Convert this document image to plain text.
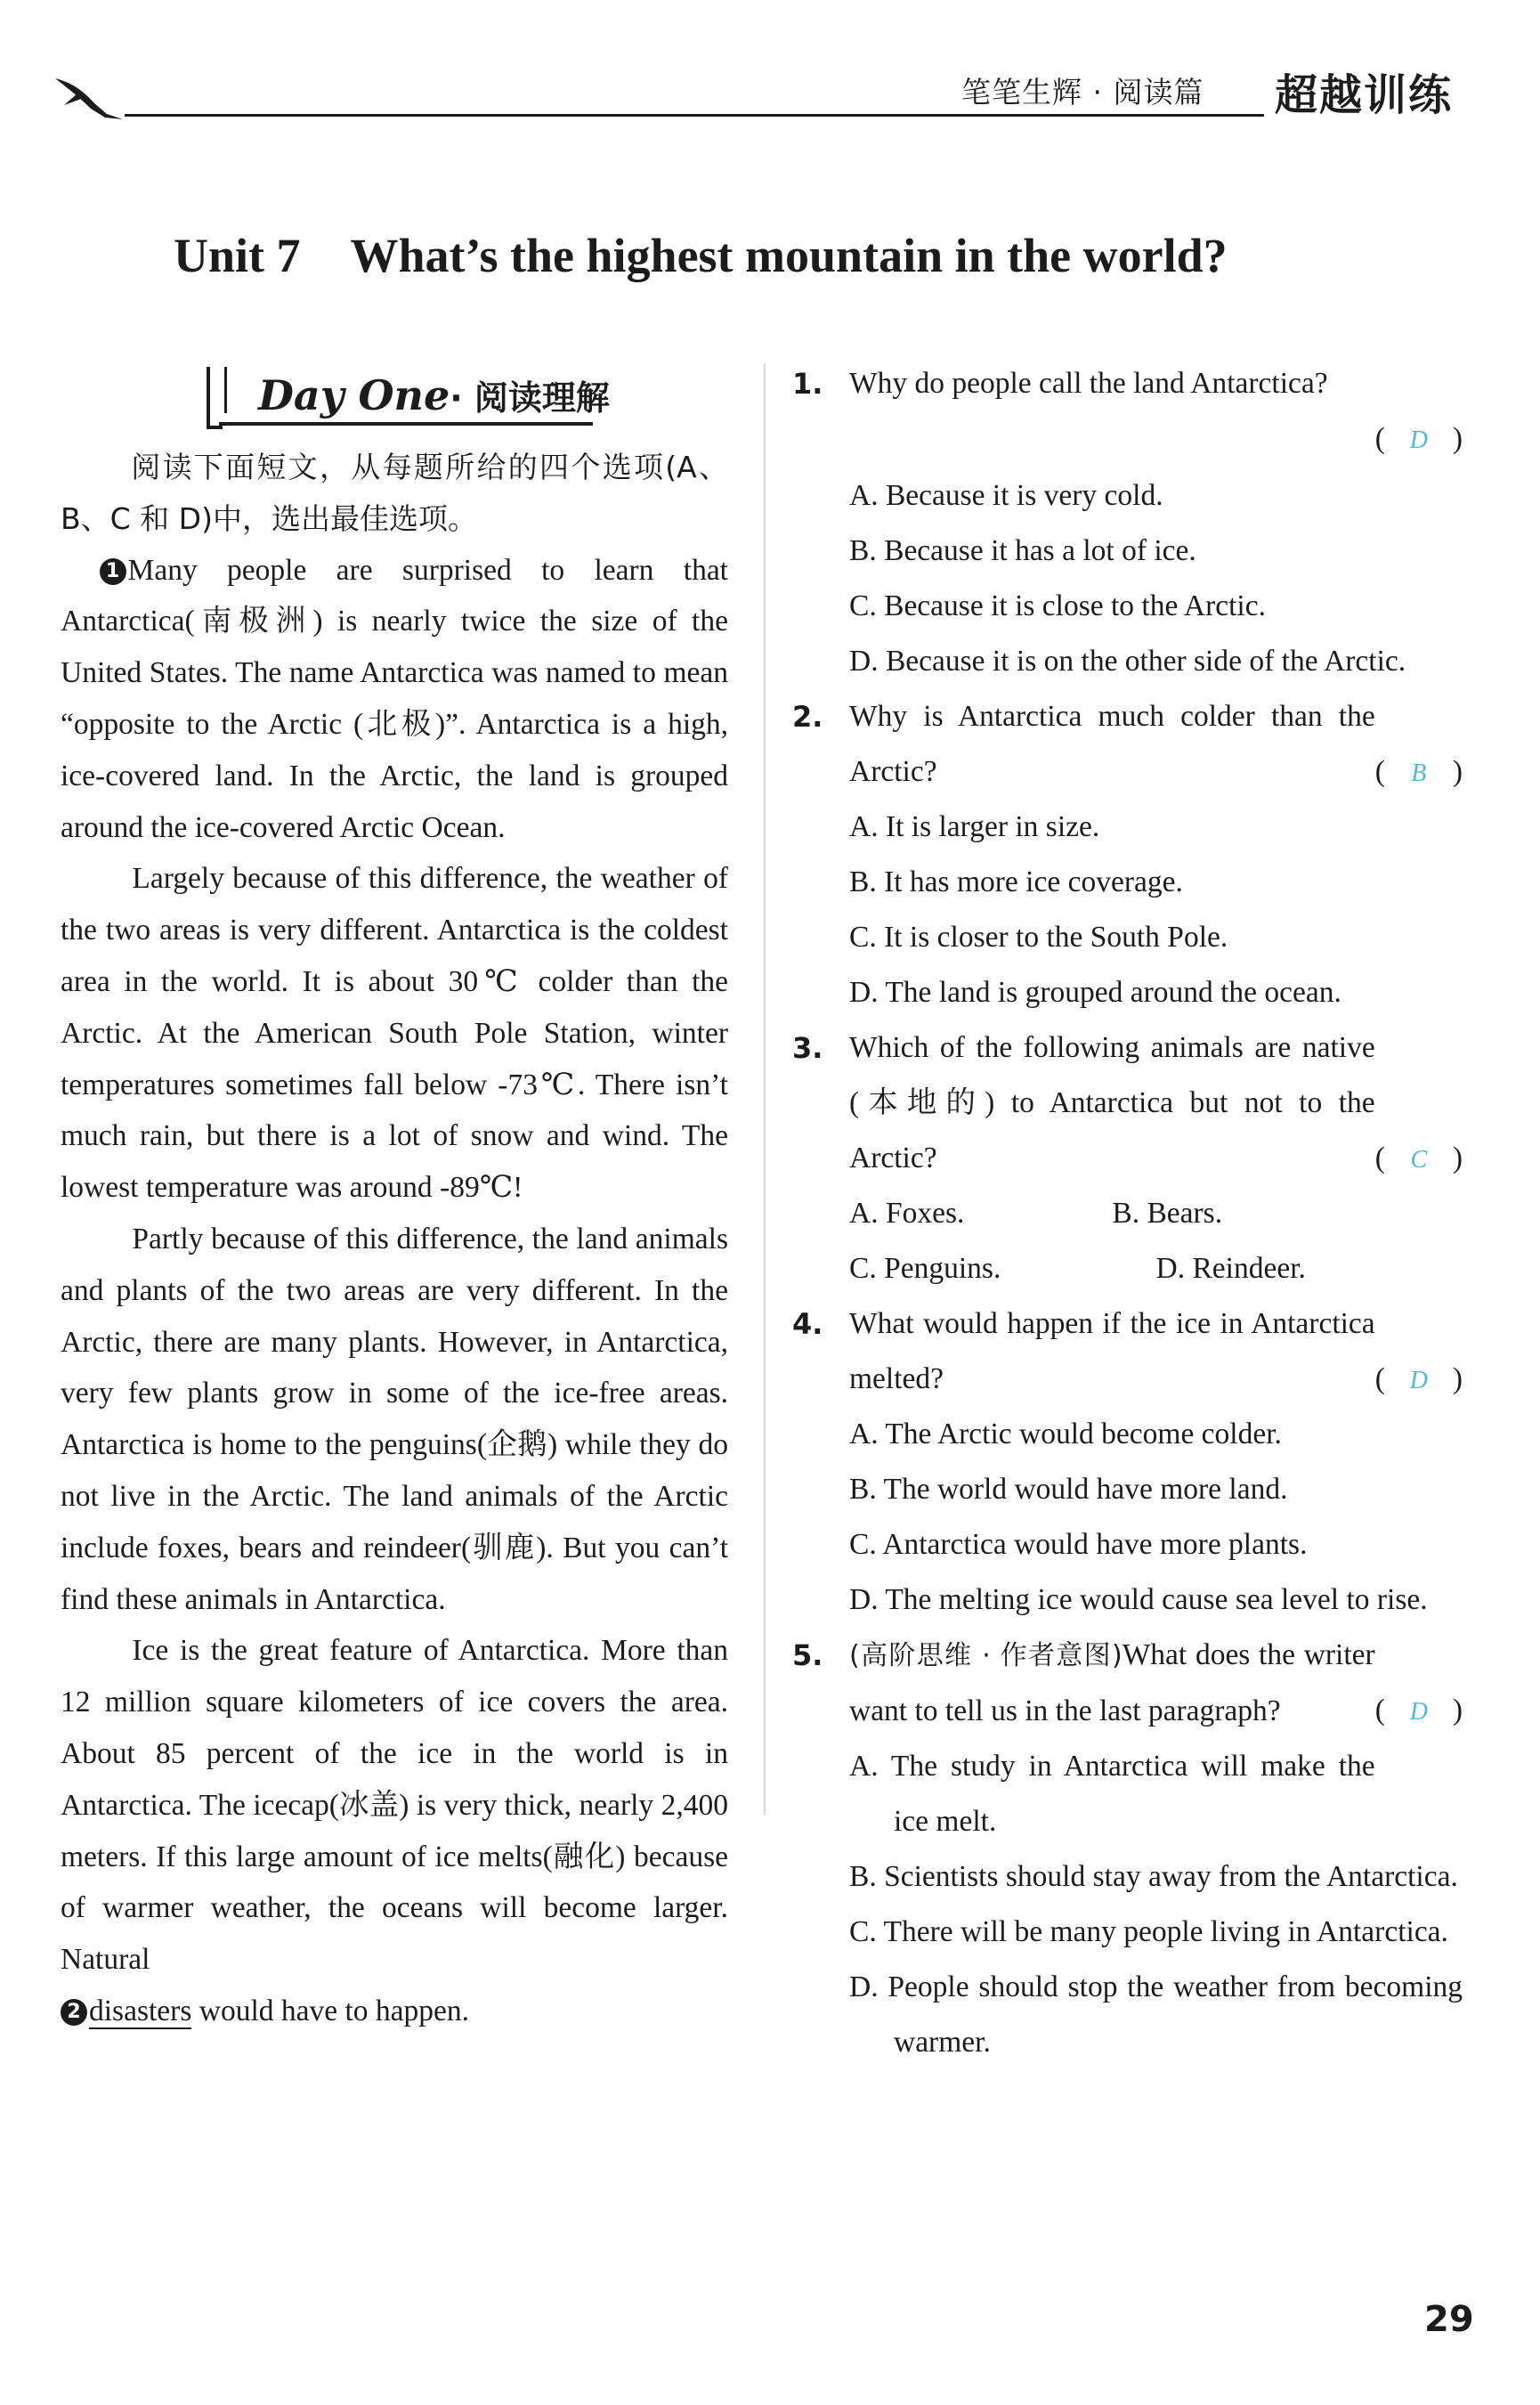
笔笔生辉 · 阅读篇 超越训练
Unit 7 What’s the highest mountain in the world?
Day One· 阅读理解

阅读下面短文，从每题所给的四个选项(A、B、C 和 D)中，选出最佳选项。

1 Many people are surprised to learn that Antarctica(南极洲) is nearly twice the size of the United States. The name Antarctica was named to mean “opposite to the Arctic (北极)”. Antarctica is a high, ice-covered land. In the Arctic, the land is grouped around the ice-covered Arctic Ocean.

Largely because of this difference, the weather of the two areas is very different. Antarctica is the coldest area in the world. It is about 30℃ colder than the Arctic. At the American South Pole Station, winter temperatures sometimes fall below -73℃. There isn’t much rain, but there is a lot of snow and wind. The lowest temperature was around -89℃!

Partly because of this difference, the land animals and plants of the two areas are very different. In the Arctic, there are many plants. However, in Antarctica, very few plants grow in some of the ice-free areas. Antarctica is home to the penguins(企鹅) while they do not live in the Arctic. The land animals of the Arctic include foxes, bears and reindeer(驯鹿). But you can’t find these animals in Antarctica.

Ice is the great feature of Antarctica. More than 12 million square kilometers of ice covers the area. About 85 percent of the ice in the world is in Antarctica. The icecap(冰盖) is very thick, nearly 2,400 meters. If this large amount of ice melts(融化) because of warmer weather, the oceans will become larger. Natural

2 disasters would have to happen.

1. Why do people call the land Antarctica?
( D )
A. Because it is very cold.
B. Because it has a lot of ice.
C. Because it is close to the Arctic.
D. Because it is on the other side of the Arctic.
2.
( B )
Why is Antarctica much colder than the Arctic?
A. It is larger in size.
B. It has more ice coverage.
C. It is closer to the South Pole.
D. The land is grouped around the ocean.
3.
( C )
Which of the following animals are native (本地的) to Antarctica but not to the Arctic?
A. Foxes.	B. Bears.
C. Penguins.	D. Reindeer.
4.
( D )
What would happen if the ice in Antarctica melted?
A. The Arctic would become colder.
B. The world would have more land.
C. Antarctica would have more plants.
D. The melting ice would cause sea level to rise.
5.
( D )
(高阶思维 · 作者意图)What does the writer want to tell us in the last paragraph?
A. The study in Antarctica will make the ice melt.
B. Scientists should stay away from the Antarctica.
C. There will be many people living in Antarctica.
D. People should stop the weather from becoming warmer.
29
